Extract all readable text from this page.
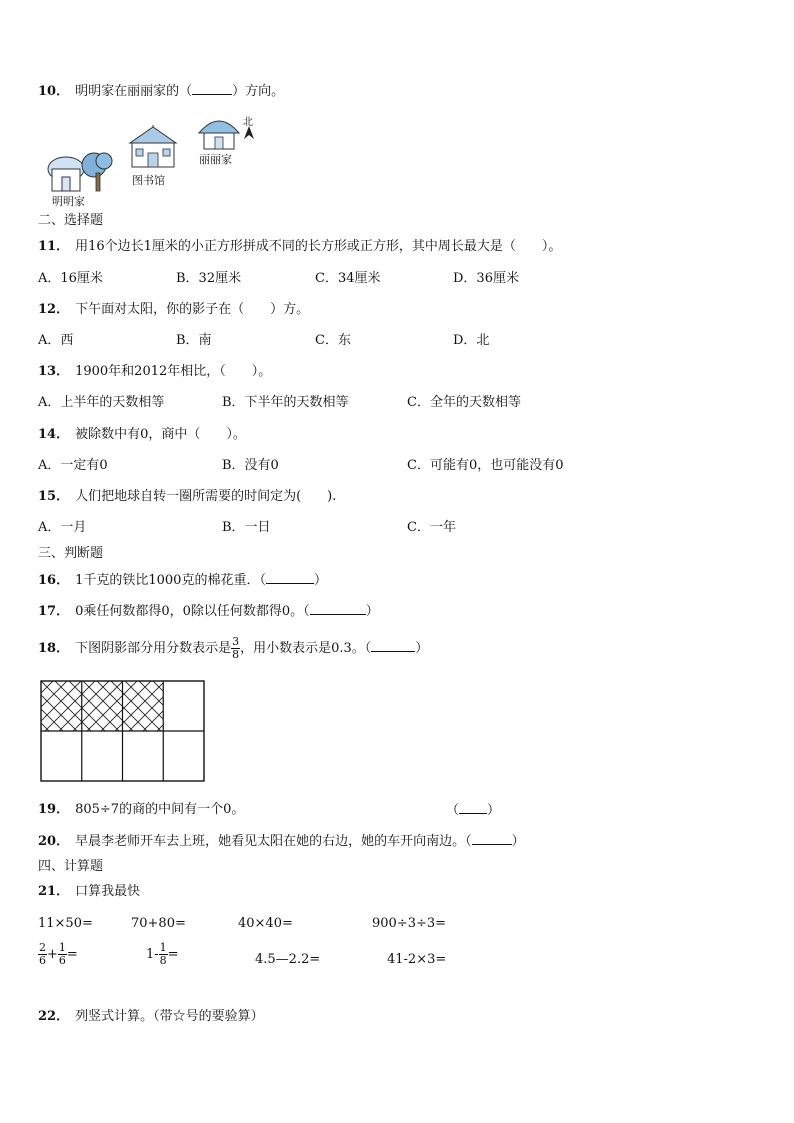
10． 明明家在丽丽家的（	）方向。
明明家
图书馆
丽丽家
北
二、选择题
11． 用16个边长1厘米的小正方形拼成不同的长方形或正方形，其中周长最大是（　　）。
A．16厘米	B．32厘米	C．34厘米	D．36厘米
12． 下午面对太阳，你的影子在（　　）方。
A．西	B．南	C．东	D．北
13． 1900年和2012年相比，（　　）。
A．上半年的天数相等	B．下半年的天数相等	C．全年的天数相等
14． 被除数中有0，商中（　　）。
A．一定有0	B．没有0	C．可能有0，也可能没有0
15． 人们把地球自转一圈所需要的时间定为(　　).
A．一月	B．一日	C．一年
三、判断题
16． 1千克的铁比1000克的棉花重．（	）
17． 0乘任何数都得0，0除以任何数都得0。（	）
18． 下图阴影部分用分数表示是 $\frac{3}{8}$ ，用小数表示是0.3。（	）
19． 805÷7的商的中间有一个0。	（ ）
20． 早晨李老师开车去上班，她看见太阳在她的右边，她的车开向南边。（	）
四、计算题
21． 口算我最快
11×50=	70+80=	40×40=	900÷3÷3=
$\frac{2}{6} + \frac{1}{6}$ =	$1- \frac{1}{8}$ =	4.5—2.2=	41-2×3=
22． 列竖式计算。（带☆号的要验算）
